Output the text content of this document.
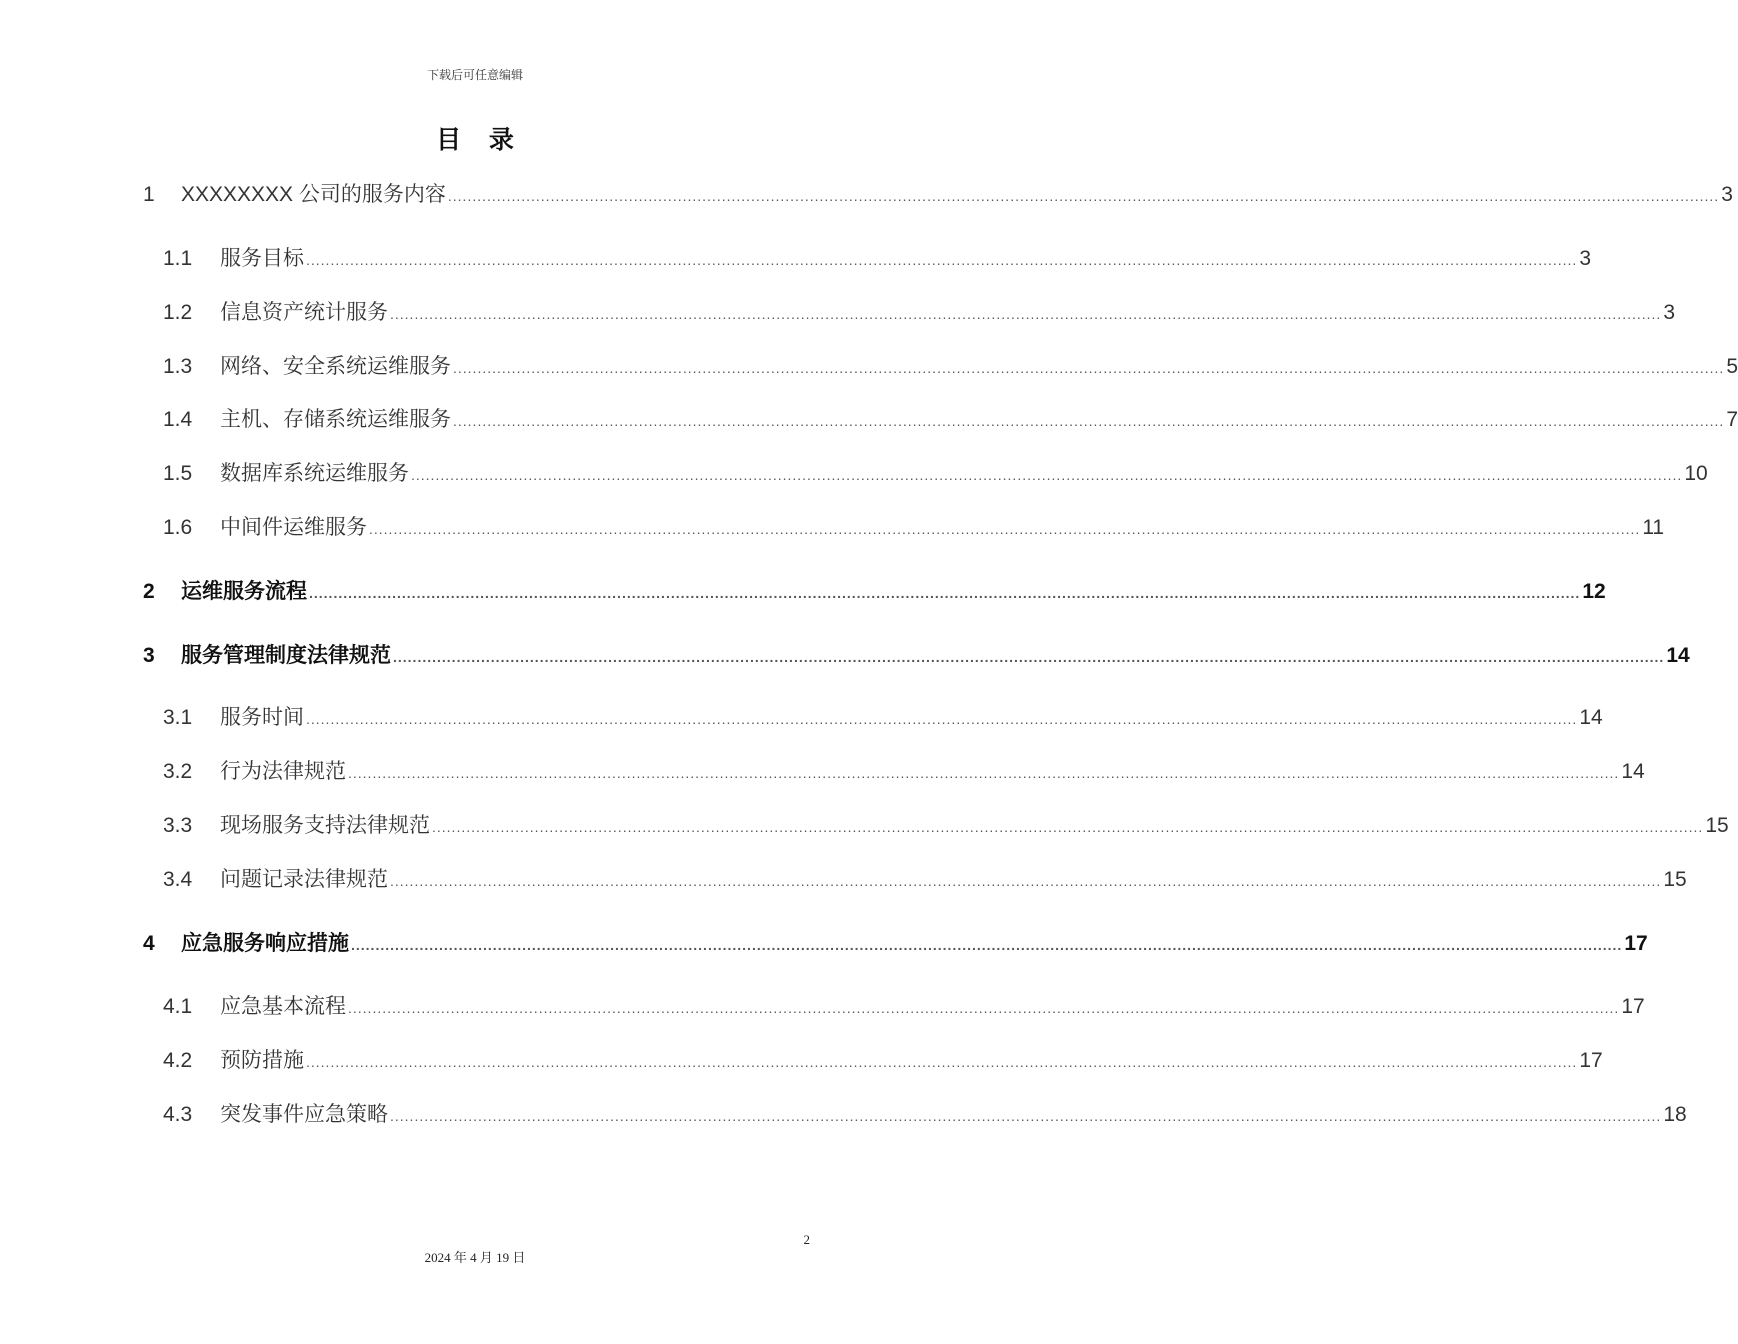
下载后可任意编辑
目    录
1	XXXXXXXX 公司的服务内容 .................................................................................................................................................................................................................................................................... 3
1.1	服务目标 .................................................................................................................................................................................................................................................................... 3
1.2	信息资产统计服务 .................................................................................................................................................................................................................................................................... 3
1.3	网络、安全系统运维服务 .................................................................................................................................................................................................................................................................... 5
1.4	主机、存储系统运维服务 .................................................................................................................................................................................................................................................................... 7
1.5	数据库系统运维服务 .................................................................................................................................................................................................................................................................... 10
1.6	中间件运维服务 .................................................................................................................................................................................................................................................................... 11
2	运维服务流程 .................................................................................................................................................................................................................................................................... 12
3	服务管理制度法律规范 .................................................................................................................................................................................................................................................................... 14
3.1	服务时间 .................................................................................................................................................................................................................................................................... 14
3.2	行为法律规范 .................................................................................................................................................................................................................................................................... 14
3.3	现场服务支持法律规范 .................................................................................................................................................................................................................................................................... 15
3.4	问题记录法律规范 .................................................................................................................................................................................................................................................................... 15
4	应急服务响应措施 .................................................................................................................................................................................................................................................................... 17
4.1	应急基本流程 .................................................................................................................................................................................................................................................................... 17
4.2	预防措施 .................................................................................................................................................................................................................................................................... 17
4.3	突发事件应急策略 .................................................................................................................................................................................................................................................................... 18
2
2024 年 4 月 19 日
